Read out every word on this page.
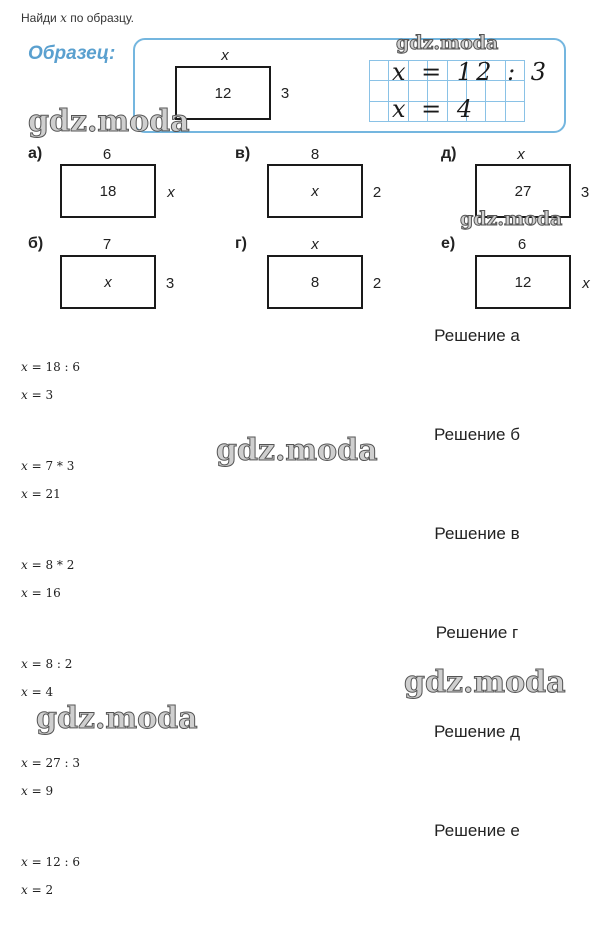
Найди x по образцу.
Образец:	x
12	3
x = 12 : 3
x = 4
а)	6
18	x
в)	8
x	2
д)	x
27	3
б)	7
x	3
г)	x
8	2
е)	6
12	x
Решение а
x = 18 : 6
x = 3
Решение б
x = 7 * 3
x = 21
Решение в
x = 8 * 2
x = 16
Решение г
x = 8 : 2
x = 4
Решение д
x = 27 : 3
x = 9
Решение е
x = 12 : 6
x = 2
gdz.moda
gdz.moda
gdz.moda
gdz.moda
gdz.moda
gdz.moda
